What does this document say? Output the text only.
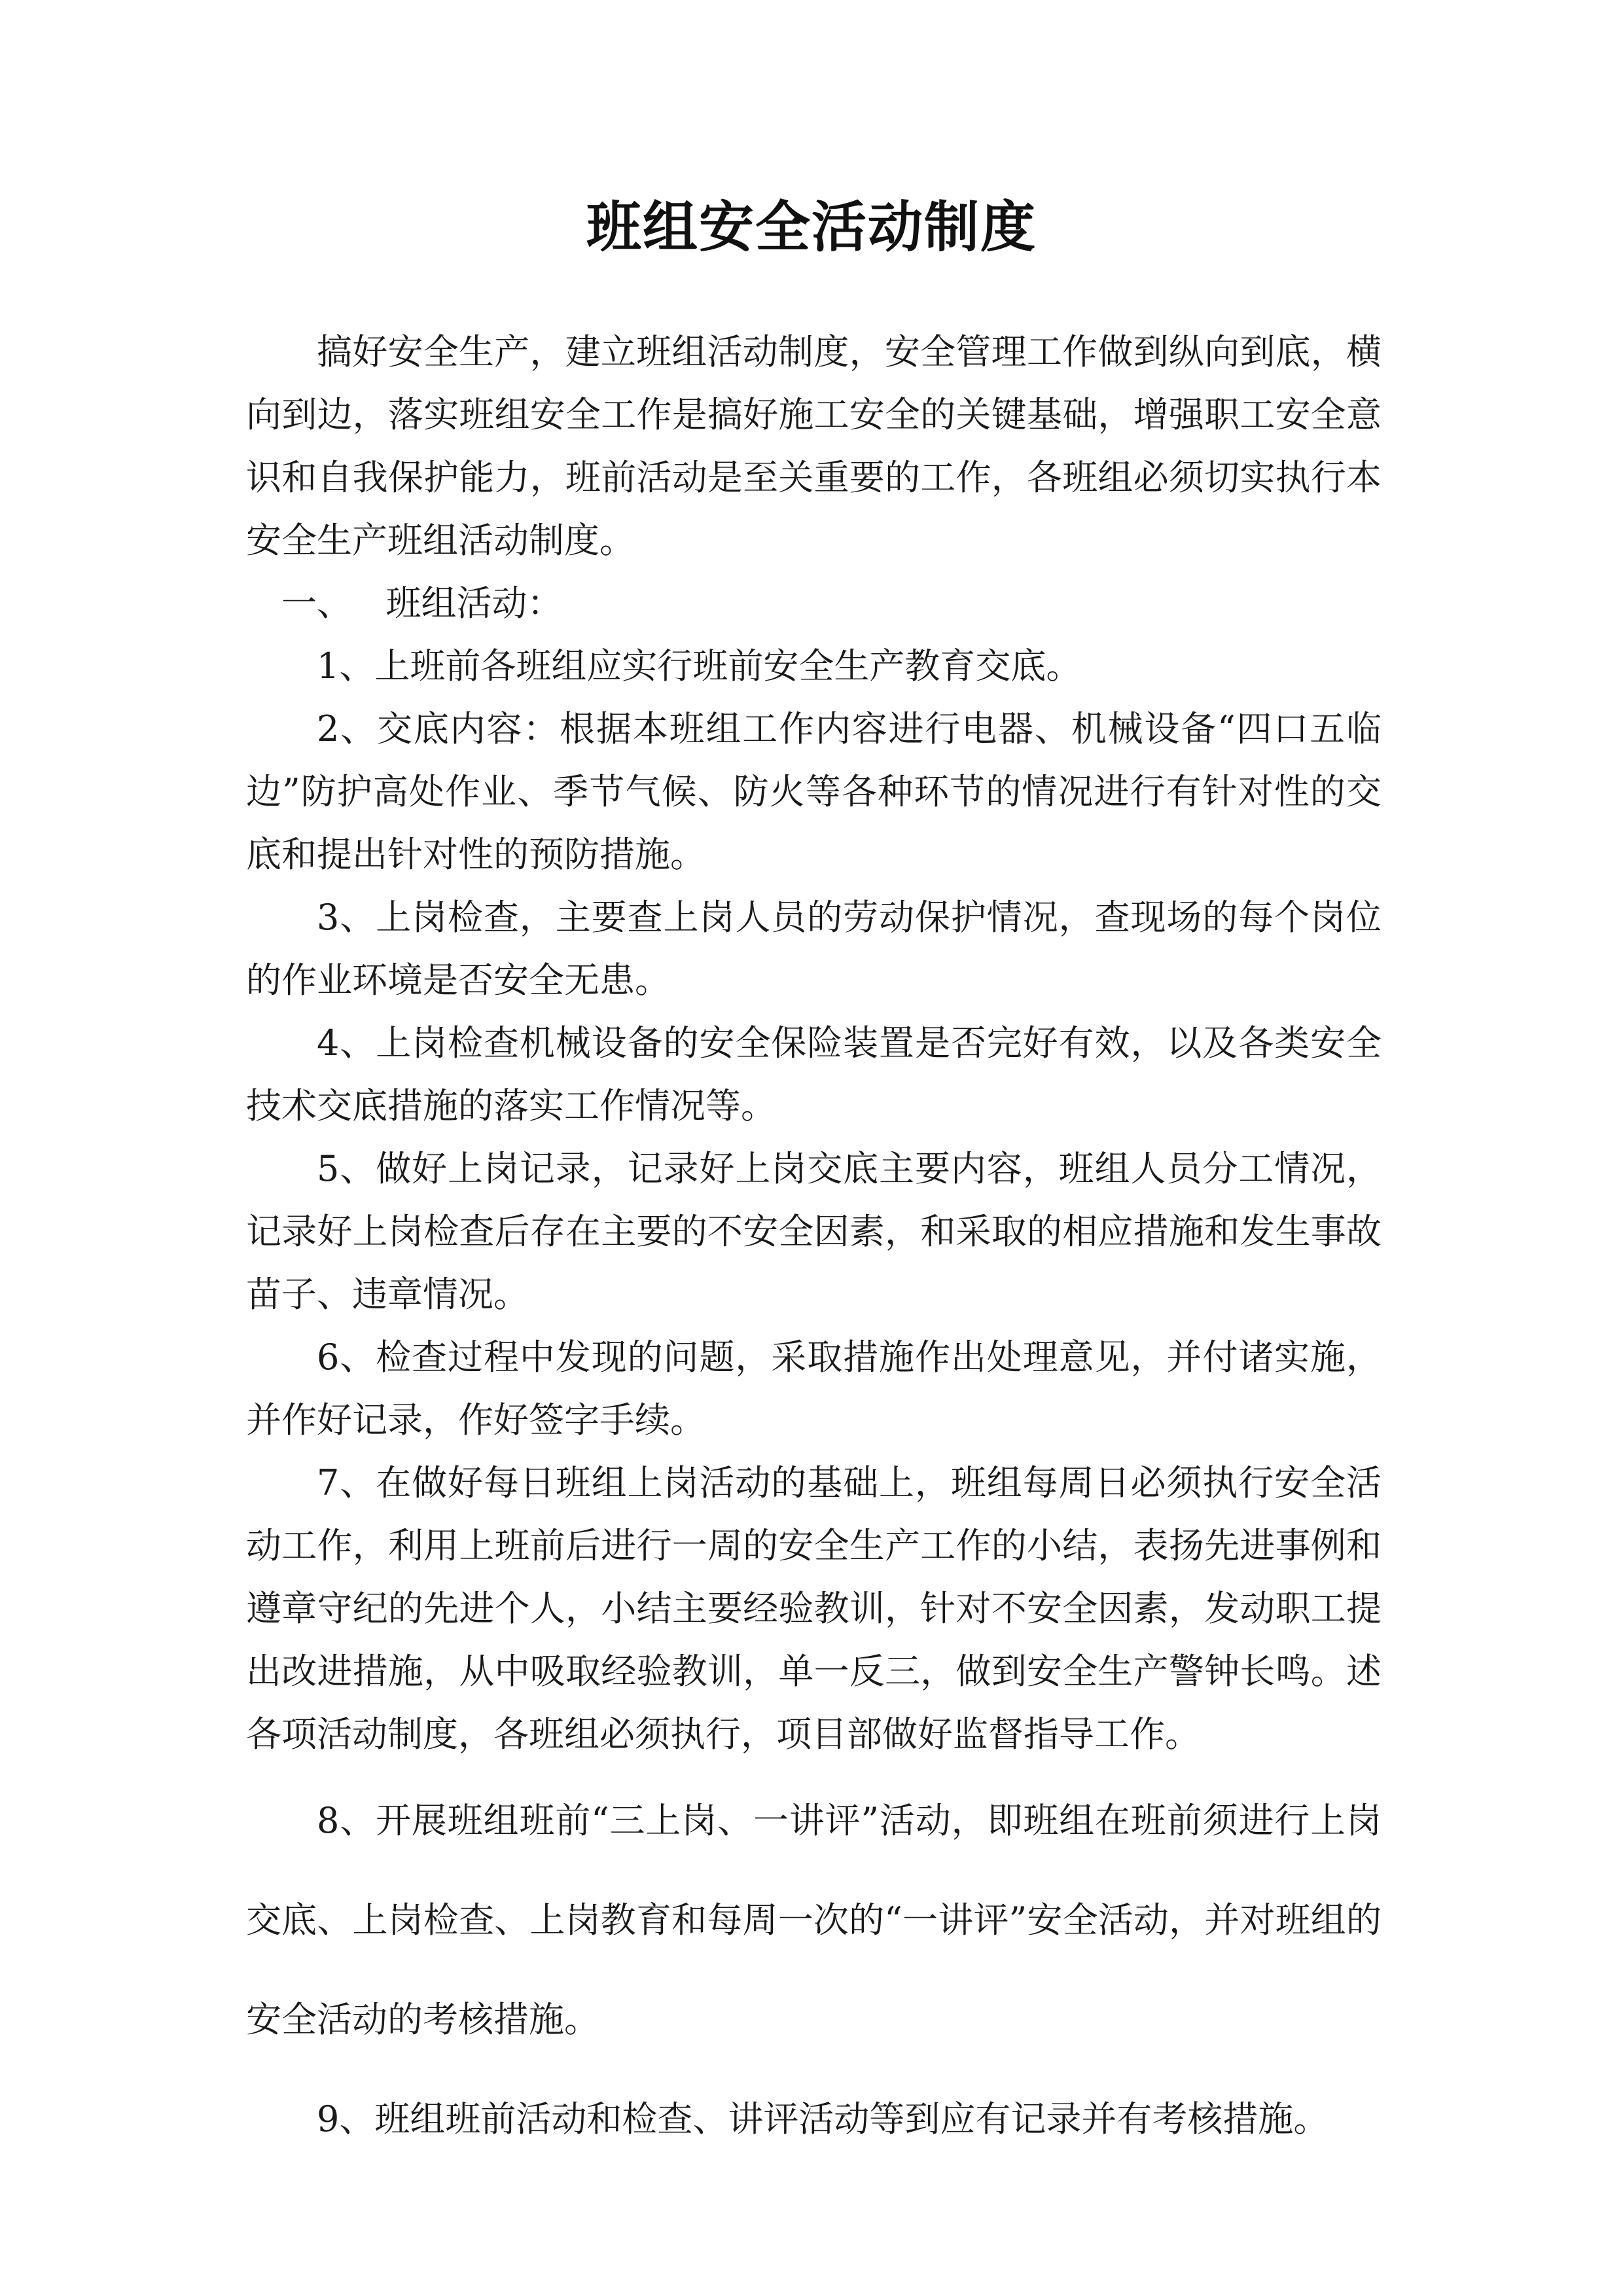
班组安全活动制度

搞好安全生产，建立班组活动制度，安全管理工作做到纵向到底，横向到边，落实班组安全工作是搞好施工安全的关键基础，增强职工安全意识和自我保护能力，班前活动是至关重要的工作，各班组必须切实执行本安全生产班组活动制度。

一、   班组活动：

1、上班前各班组应实行班前安全生产教育交底。

2、交底内容：根据本班组工作内容进行电器、机械设备“四口五临边”防护高处作业、季节气候、防火等各种环节的情况进行有针对性的交底和提出针对性的预防措施。

3、上岗检查，主要查上岗人员的劳动保护情况，查现场的每个岗位的作业环境是否安全无患。

4、上岗检查机械设备的安全保险装置是否完好有效，以及各类安全技术交底措施的落实工作情况等。

5、做好上岗记录，记录好上岗交底主要内容，班组人员分工情况，记录好上岗检查后存在主要的不安全因素，和采取的相应措施和发生事故苗子、违章情况。

6、检查过程中发现的问题，采取措施作出处理意见，并付诸实施，并作好记录，作好签字手续。

7、在做好每日班组上岗活动的基础上，班组每周日必须执行安全活动工作，利用上班前后进行一周的安全生产工作的小结，表扬先进事例和遵章守纪的先进个人，小结主要经验教训，针对不安全因素，发动职工提出改进措施，从中吸取经验教训，单一反三，做到安全生产警钟长鸣。述各项活动制度，各班组必须执行，项目部做好监督指导工作。

8、开展班组班前“三上岗、一讲评”活动，即班组在班前须进行上岗交底、上岗检查、上岗教育和每周一次的“一讲评”安全活动，并对班组的安全活动的考核措施。

9、班组班前活动和检查、讲评活动等到应有记录并有考核措施。
